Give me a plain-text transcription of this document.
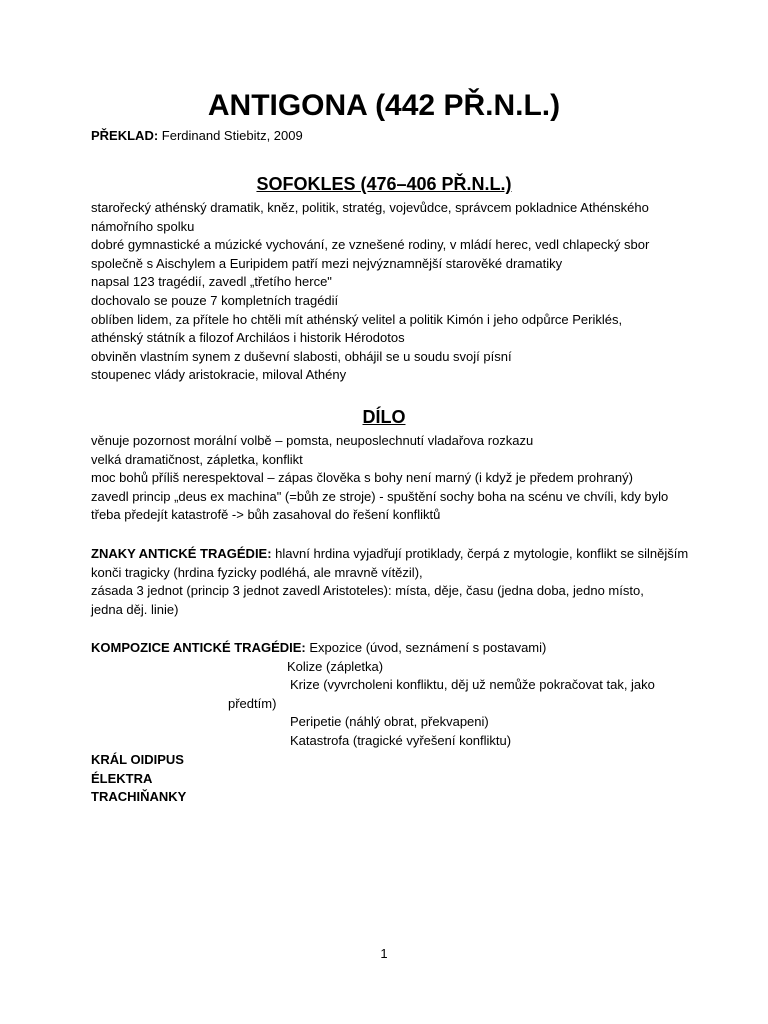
ANTIGONA (442 PŘ.N.L.)
PŘEKLAD: Ferdinand Stiebitz, 2009
SOFOKLES (476–406 PŘ.N.L.)

starořecký athénský dramatik, kněz, politik, stratég, vojevůdce, správcem pokladnice Athénského

námořního spolku

dobré gymnastické a múzické vychování, ze vznešené rodiny, v mládí herec, vedl chlapecký sbor

společně s Aischylem a Euripidem patří mezi nejvýznamnější starověké dramatiky

napsal 123 tragédií, zavedl „třetího herce"

dochovalo se pouze 7 kompletních tragédií

oblíben lidem, za přítele ho chtěli mít athénský velitel a politik Kimón i jeho odpůrce Periklés,

athénský státník a filozof Archiláos i historik Hérodotos

obviněn vlastním synem z duševní slabosti, obhájil se u soudu svojí písní

stoupenec vlády aristokracie, miloval Athény

DÍLO

věnuje pozornost morální volbě – pomsta, neuposlechnutí vladařova rozkazu

velká dramatičnost, zápletka, konflikt

moc bohů příliš nerespektoval – zápas člověka s bohy není marný (i když je předem prohraný)

zavedl princip „deus ex machina" (=bůh ze stroje) - spuštění sochy boha na scénu ve chvíli, kdy bylo

třeba předejít katastrofě -> bůh zasahoval do řešení konfliktů

ZNAKY ANTICKÉ TRAGÉDIE: hlavní hrdina vyjadřují protiklady, čerpá z mytologie, konflikt se silnějším

konči tragicky (hrdina fyzicky podléhá, ale mravně vítězil),

zásada 3 jednot (princip 3 jednot zavedl Aristoteles): místa, děje, času (jedna doba, jedno místo,

jedna děj. linie)

KOMPOZICE ANTICKÉ TRAGÉDIE: Expozice (úvod, seznámení s postavami)
Kolize (zápletka)
Krize (vyvrcholeni konfliktu, děj už nemůže pokračovat tak, jako
předtím)
Peripetie (náhlý obrat, překvapeni)
Katastrofa (tragické vyřešení konfliktu)

KRÁL OIDIPUS

ÉLEKTRA

TRACHIŇANKY

1
